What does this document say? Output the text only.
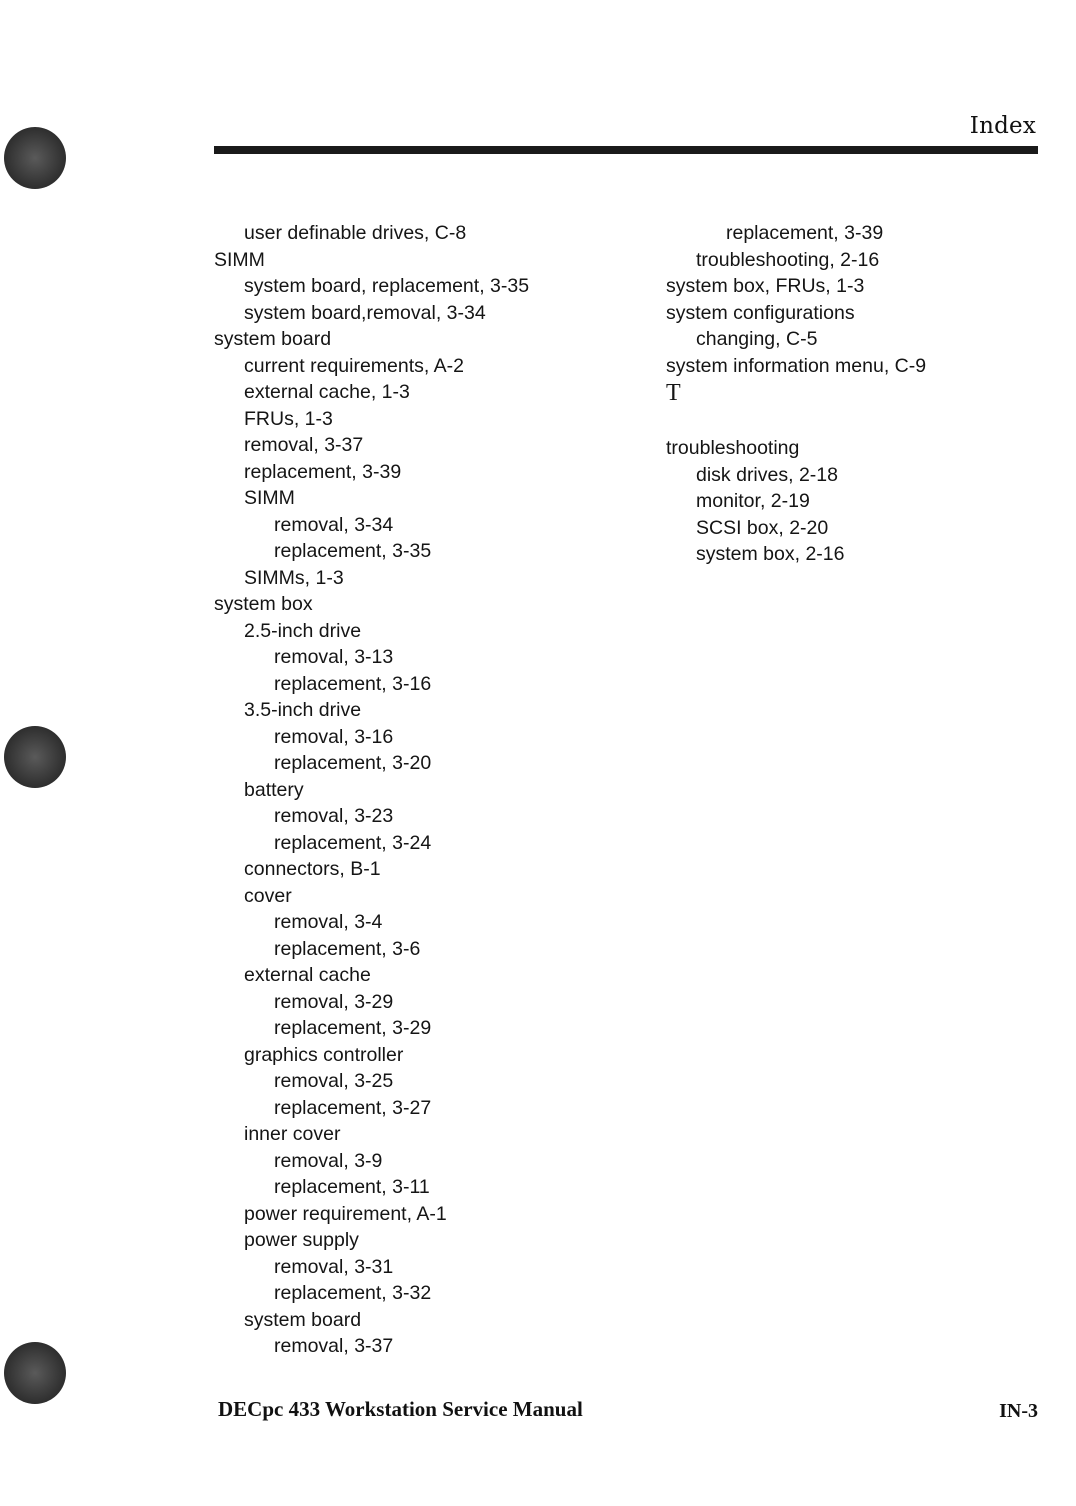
Index
user definable drives, C-8
SIMM
system board, replacement, 3-35
system board,removal, 3-34
system board
current requirements, A-2
external cache, 1-3
FRUs, 1-3
removal, 3-37
replacement, 3-39
SIMM
removal, 3-34
replacement, 3-35
SIMMs, 1-3
system box
2.5-inch drive
removal, 3-13
replacement, 3-16
3.5-inch drive
removal, 3-16
replacement, 3-20
battery
removal, 3-23
replacement, 3-24
connectors, B-1
cover
removal, 3-4
replacement, 3-6
external cache
removal, 3-29
replacement, 3-29
graphics controller
removal, 3-25
replacement, 3-27
inner cover
removal, 3-9
replacement, 3-11
power requirement, A-1
power supply
removal, 3-31
replacement, 3-32
system board
removal, 3-37
replacement, 3-39
troubleshooting, 2-16
system box, FRUs, 1-3
system configurations
changing, C-5
system information menu, C-9
T
troubleshooting
disk drives, 2-18
monitor, 2-19
SCSI box, 2-20
system box, 2-16
DECpc 433 Workstation Service Manual	IN-3
